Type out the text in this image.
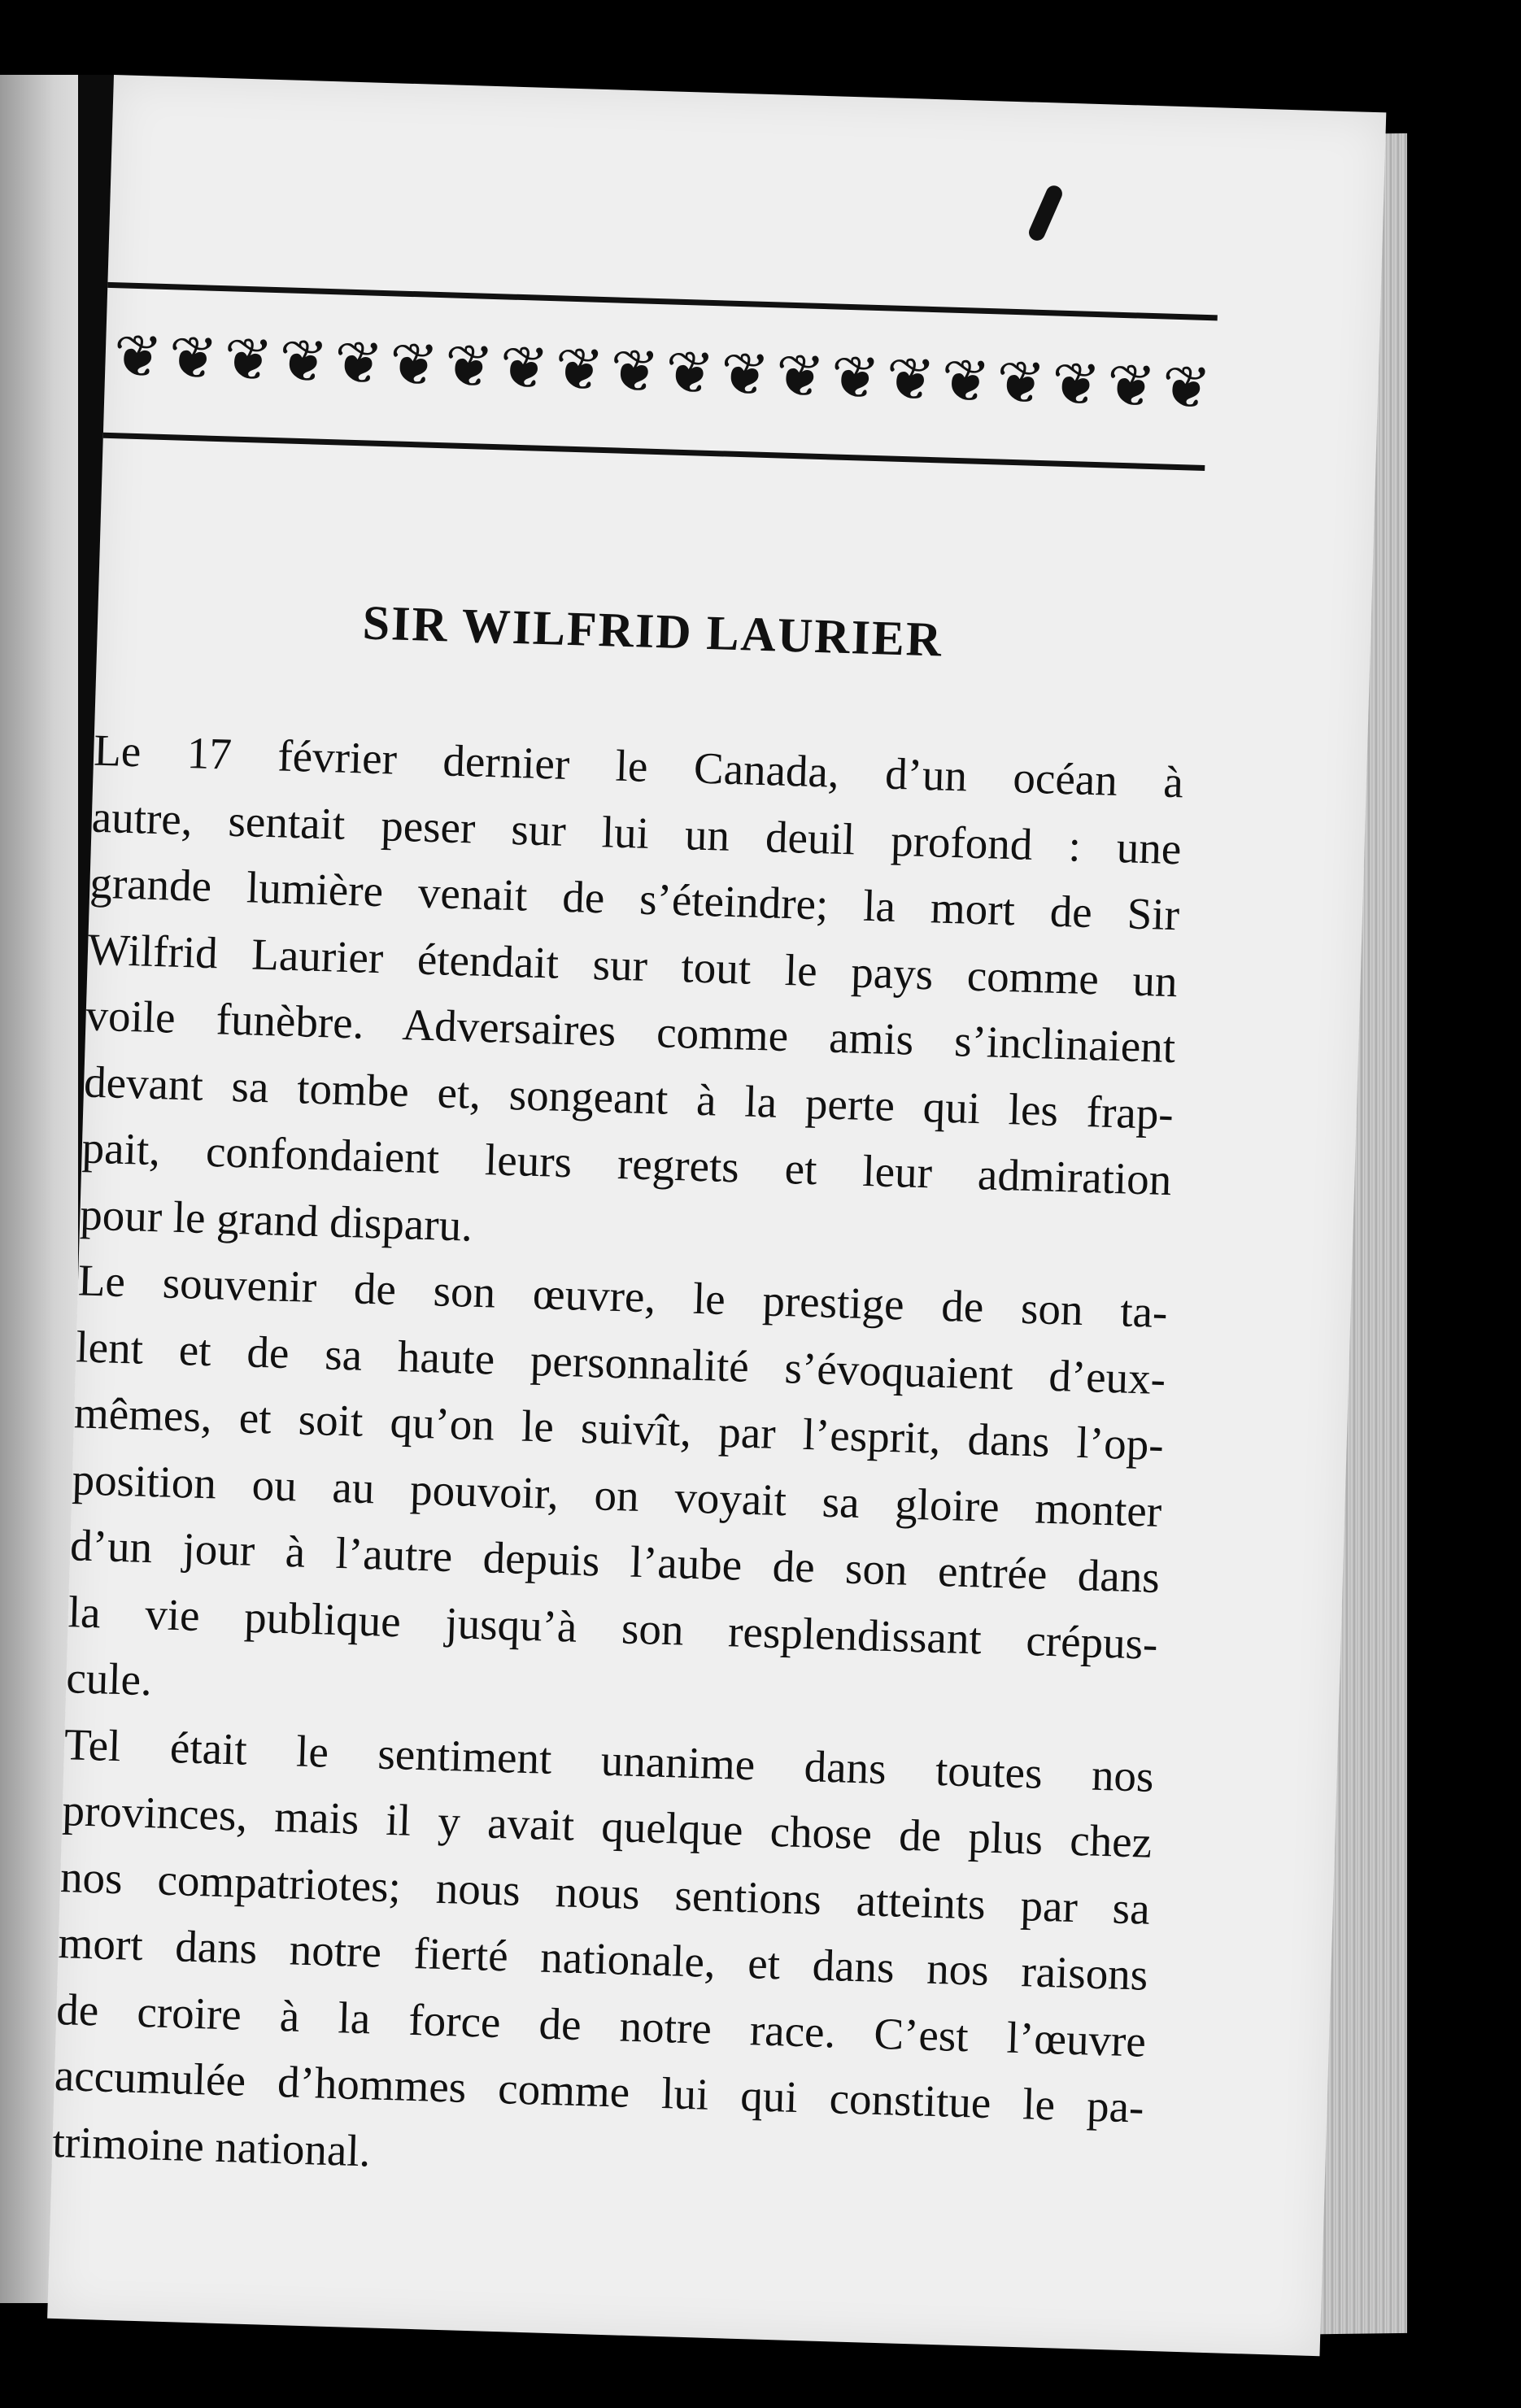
❦ ❦ ❦ ❦ ❦ ❦ ❦ ❦ ❦ ❦ ❦ ❦ ❦ ❦ ❦ ❦ ❦ ❦ ❦ ❦
SIR WILFRID LAURIER

Le 17 février dernier le Canada, d’un océan à
autre, sentait peser sur lui un deuil profond : une
grande lumière venait de s’éteindre; la mort de Sir
Wilfrid Laurier étendait sur tout le pays comme un
voile funèbre. Adversaires comme amis s’inclinaient
devant sa tombe et, songeant à la perte qui les frap-
pait, confondaient leurs regrets et leur admiration
pour le grand disparu.

Le souvenir de son œuvre, le prestige de son ta-
lent et de sa haute personnalité s’évoquaient d’eux-
mêmes, et soit qu’on le suivît, par l’esprit, dans l’op-
position ou au pouvoir, on voyait sa gloire monter
d’un jour à l’autre depuis l’aube de son entrée dans
la vie publique jusqu’à son resplendissant crépus-
cule.

Tel était le sentiment unanime dans toutes nos
provinces, mais il y avait quelque chose de plus chez
nos compatriotes; nous nous sentions atteints par sa
mort dans notre fierté nationale, et dans nos raisons
de croire à la force de notre race. C’est l’œuvre
accumulée d’hommes comme lui qui constitue le pa-
trimoine national.
